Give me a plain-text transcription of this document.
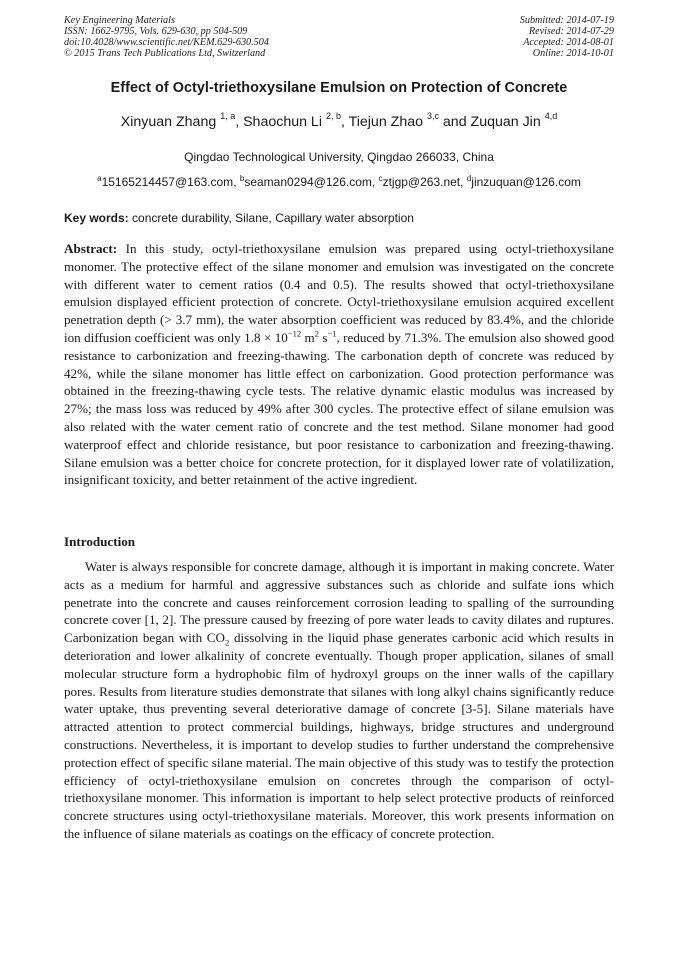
Key Engineering Materials
ISSN: 1662-9795, Vols. 629-630, pp 504-509
doi:10.4028/www.scientific.net/KEM.629-630.504
© 2015 Trans Tech Publications Ltd, Switzerland
Submitted: 2014-07-19
Revised: 2014-07-29
Accepted: 2014-08-01
Online: 2014-10-01
Effect of Octyl-triethoxysilane Emulsion on Protection of Concrete
Xinyuan Zhang $^{1, a}$, Shaochun Li $^{2, b}$, Tiejun Zhao $^{3,c}$ and Zuquan Jin $^{4,d}$
Qingdao Technological University, Qingdao 266033, China
$^a$15165214457@163.com, $^b$seaman0294@126.com, $^c$ztjgp@263.net, $^d$jinzuquan@126.com
Key words: concrete durability, Silane, Capillary water absorption
Abstract: In this study, octyl-triethoxysilane emulsion was prepared using octyl-triethoxysilane monomer. The protective effect of the silane monomer and emulsion was investigated on the concrete with different water to cement ratios (0.4 and 0.5). The results showed that octyl-triethoxysilane emulsion displayed efficient protection of concrete. Octyl-triethoxysilane emulsion acquired excellent penetration depth (> 3.7 mm), the water absorption coefficient was reduced by 83.4%, and the chloride ion diffusion coefficient was only $1.8 \times 10^{-12}$ $m^2$ $s^{-1}$, reduced by 71.3%. The emulsion also showed good resistance to carbonization and freezing-thawing. The carbonation depth of concrete was reduced by 42%, while the silane monomer has little effect on carbonization. Good protection performance was obtained in the freezing-thawing cycle tests. The relative dynamic elastic modulus was increased by 27%; the mass loss was reduced by 49% after 300 cycles. The protective effect of silane emulsion was also related with the water cement ratio of concrete and the test method. Silane monomer had good waterproof effect and chloride resistance, but poor resistance to carbonization and freezing-thawing. Silane emulsion was a better choice for concrete protection, for it displayed lower rate of volatilization, insignificant toxicity, and better retainment of the active ingredient.
Introduction
Water is always responsible for concrete damage, although it is important in making concrete. Water acts as a medium for harmful and aggressive substances such as chloride and sulfate ions which penetrate into the concrete and causes reinforcement corrosion leading to spalling of the surrounding concrete cover [1, 2]. The pressure caused by freezing of pore water leads to cavity dilates and ruptures. Carbonization began with $CO_2$ dissolving in the liquid phase generates carbonic acid which results in deterioration and lower alkalinity of concrete eventually. Though proper application, silanes of small molecular structure form a hydrophobic film of hydroxyl groups on the inner walls of the capillary pores. Results from literature studies demonstrate that silanes with long alkyl chains significantly reduce water uptake, thus preventing several deteriorative damage of concrete [3-5]. Silane materials have attracted attention to protect commercial buildings, highways, bridge structures and underground constructions. Nevertheless, it is important to develop studies to further understand the comprehensive protection effect of specific silane material. The main objective of this study was to testify the protection efficiency of octyl-triethoxysilane emulsion on concretes through the comparison of octyl-triethoxysilane monomer. This information is important to help select protective products of reinforced concrete structures using octyl-triethoxysilane materials. Moreover, this work presents information on the influence of silane materials as coatings on the efficacy of concrete protection.
